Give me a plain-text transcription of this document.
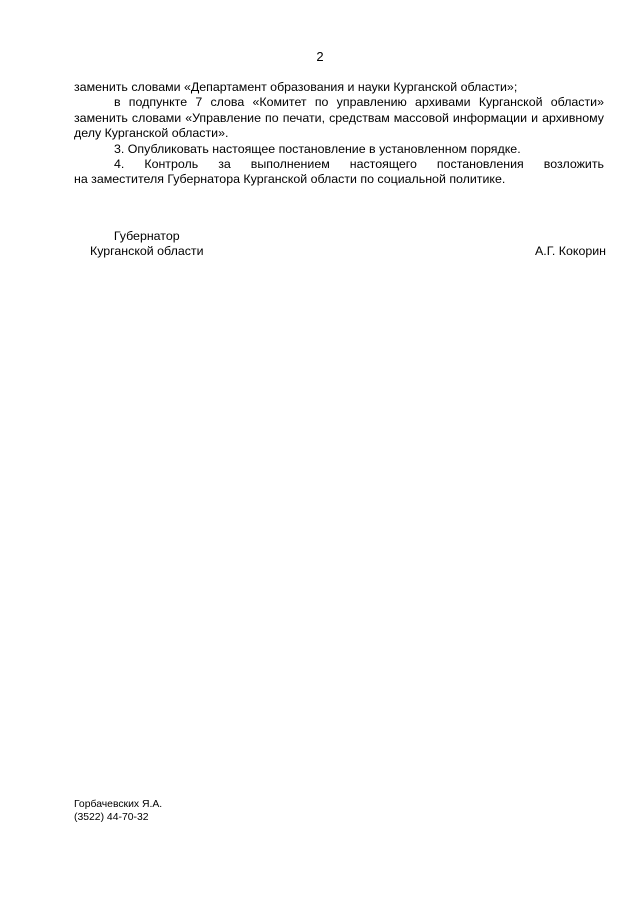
2

заменить словами «Департамент образования и науки Курганской области»;

в подпункте 7 слова «Комитет по управлению архивами Курганской области» заменить словами «Управление по печати, средствам массовой информации и архивному делу Курганской области».

3. Опубликовать настоящее постановление в установленном порядке.

4. Контроль за выполнением настоящего постановления возложить

на заместителя Губернатора Курганской области по социальной политике.

Губернатор
Курганской области	А.Г. Кокорин
Горбачевских Я.А.
(3522) 44-70-32
